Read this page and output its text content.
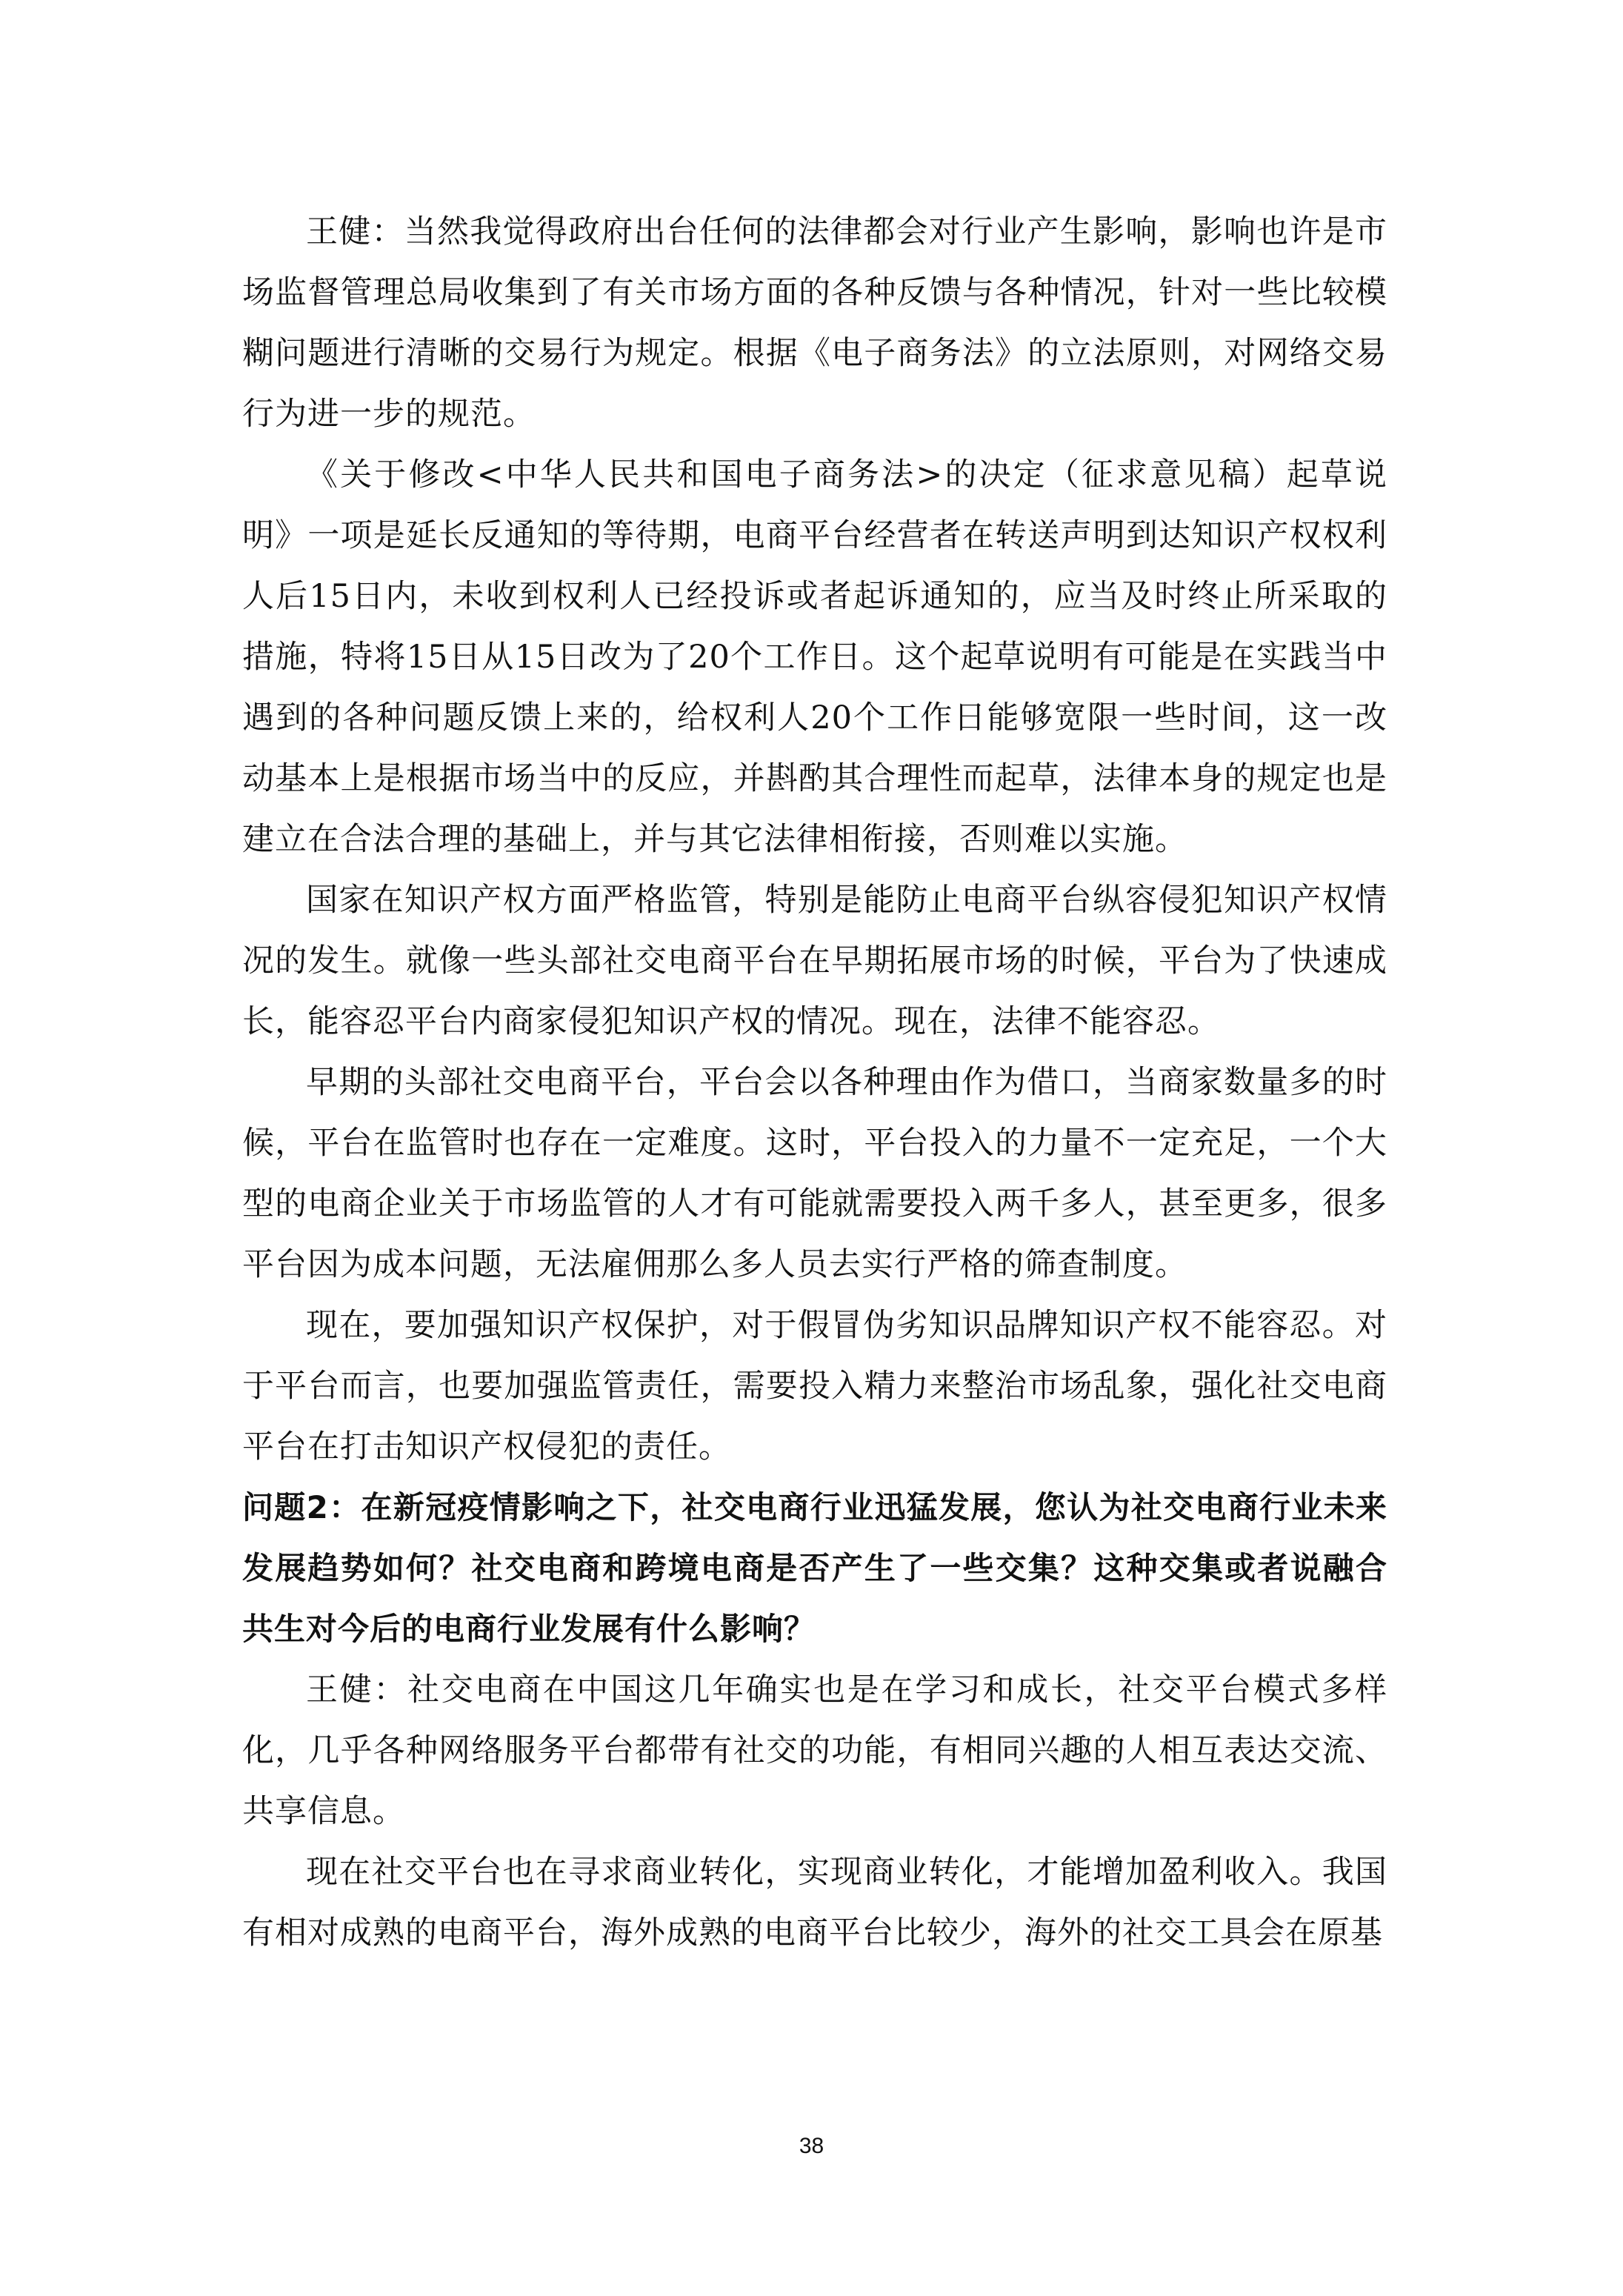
王健：当然我觉得政府出台任何的法律都会对行业产生影响，影响也许是市场监督管理总局收集到了有关市场方面的各种反馈与各种情况，针对一些比较模糊问题进行清晰的交易行为规定。根据《电子商务法》的立法原则，对网络交易行为进一步的规范。

《关于修改<中华人民共和国电子商务法>的决定（征求意见稿）起草说明》一项是延长反通知的等待期，电商平台经营者在转送声明到达知识产权权利人后15日内，未收到权利人已经投诉或者起诉通知的，应当及时终止所采取的措施，特将15日从15日改为了20个工作日。这个起草说明有可能是在实践当中遇到的各种问题反馈上来的，给权利人20个工作日能够宽限一些时间，这一改动基本上是根据市场当中的反应，并斟酌其合理性而起草，法律本身的规定也是建立在合法合理的基础上，并与其它法律相衔接，否则难以实施。

国家在知识产权方面严格监管，特别是能防止电商平台纵容侵犯知识产权情况的发生。就像一些头部社交电商平台在早期拓展市场的时候，平台为了快速成长，能容忍平台内商家侵犯知识产权的情况。现在，法律不能容忍。

早期的头部社交电商平台，平台会以各种理由作为借口，当商家数量多的时候，平台在监管时也存在一定难度。这时，平台投入的力量不一定充足，一个大型的电商企业关于市场监管的人才有可能就需要投入两千多人，甚至更多，很多平台因为成本问题，无法雇佣那么多人员去实行严格的筛查制度。

现在，要加强知识产权保护，对于假冒伪劣知识品牌知识产权不能容忍。对于平台而言，也要加强监管责任，需要投入精力来整治市场乱象，强化社交电商平台在打击知识产权侵犯的责任。

问题2：在新冠疫情影响之下，社交电商行业迅猛发展，您认为社交电商行业未来发展趋势如何？社交电商和跨境电商是否产生了一些交集？这种交集或者说融合共生对今后的电商行业发展有什么影响？

王健：社交电商在中国这几年确实也是在学习和成长，社交平台模式多样化，几乎各种网络服务平台都带有社交的功能，有相同兴趣的人相互表达交流、共享信息。

现在社交平台也在寻求商业转化，实现商业转化，才能增加盈利收入。我国有相对成熟的电商平台，海外成熟的电商平台比较少，海外的社交工具会在原基

38
